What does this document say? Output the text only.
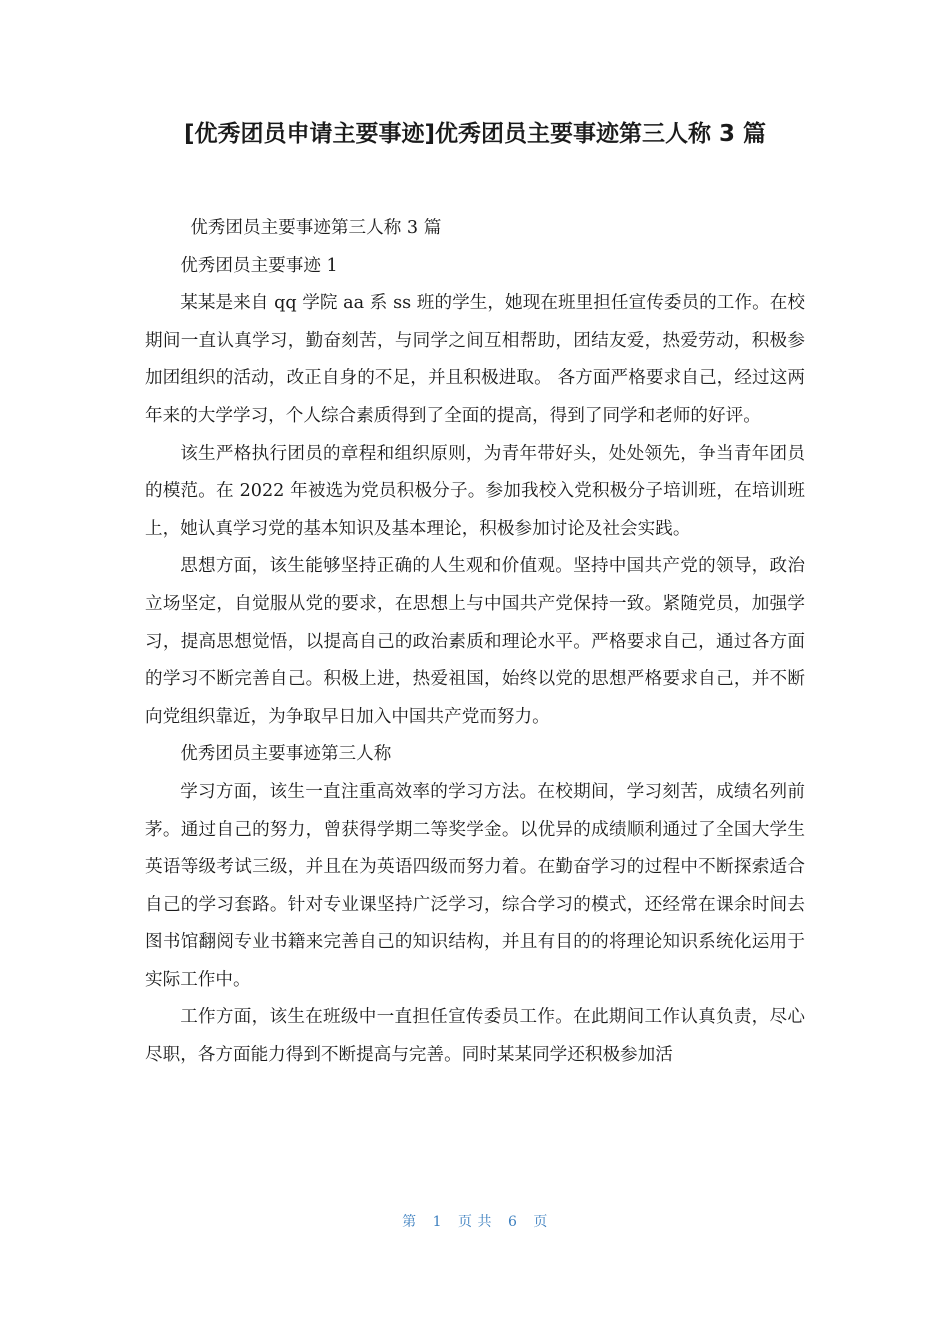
[优秀团员申请主要事迹]优秀团员主要事迹第三人称 3 篇

优秀团员主要事迹第三人称 3 篇

优秀团员主要事迹 1

某某是来自 qq 学院 aa 系 ss 班的学生，她现在班里担任宣传委员的工作。在校期间一直认真学习，勤奋刻苦，与同学之间互相帮助，团结友爱，热爱劳动，积极参加团组织的活动，改正自身的不足，并且积极进取。 各方面严格要求自己，经过这两年来的大学学习，个人综合素质得到了全面的提高，得到了同学和老师的好评。

该生严格执行团员的章程和组织原则，为青年带好头，处处领先，争当青年团员的模范。在 2022 年被选为党员积极分子。参加我校入党积极分子培训班，在培训班上，她认真学习党的基本知识及基本理论，积极参加讨论及社会实践。

思想方面，该生能够坚持正确的人生观和价值观。坚持中国共产党的领导，政治立场坚定，自觉服从党的要求，在思想上与中国共产党保持一致。紧随党员，加强学习，提高思想觉悟，以提高自己的政治素质和理论水平。严格要求自己，通过各方面的学习不断完善自己。积极上进，热爱祖国，始终以党的思想严格要求自己，并不断向党组织靠近，为争取早日加入中国共产党而努力。

优秀团员主要事迹第三人称

学习方面，该生一直注重高效率的学习方法。在校期间，学习刻苦，成绩名列前茅。通过自己的努力，曾获得学期二等奖学金。以优异的成绩顺利通过了全国大学生英语等级考试三级，并且在为英语四级而努力着。在勤奋学习的过程中不断探索适合自己的学习套路。针对专业课坚持广泛学习，综合学习的模式，还经常在课余时间去图书馆翻阅专业书籍来完善自己的知识结构，并且有目的的将理论知识系统化运用于实际工作中。

工作方面，该生在班级中一直担任宣传委员工作。在此期间工作认真负责，尽心尽职，各方面能力得到不断提高与完善。同时某某同学还积极参加活

第 1 页 共 6 页
